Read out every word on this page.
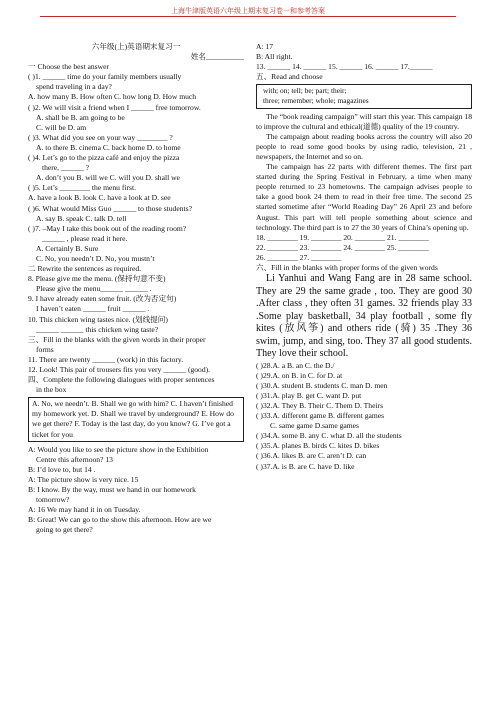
上海牛津版英语六年级上期末复习卷一和参考答案
六年级(上)英语期末复习一
姓名__________
一 Choose the best answer
( )1. ______ time do your family members usually
spend traveling in a day?
A. how many B. How often C. how long D. How much
( )2. We will visit a friend when I ______ free tomorrow.
A. shall be B. am going to be
C. will be D. am
( )3. What did you see on your way ________ ?
A. to there B. cinema C. back home D. to home
( )4. Let’s go to the pizza café and enjoy the pizza
there, ______ ?
A. don’t you B. will we C. will you D. shall we
( )5. Let’s ________ the menu first.
A. have a look B. look C. have a look at D. see
( )6. What would Miss Guo ______ to those students?
A. say B. speak C. talk D. tell
( )7. –May I take this book out of the reading room?
______ , please read it here.
A. Certainly B. Sure
C. No, you needn’t D. No, you mustn’t
二 Rewrite the sentences as required.
8. Please give me the menu. (保持句意不变)
Please give the menu______ ______ .
9. I have already eaten some fruit. (改为否定句)
I haven’t eaten ______ fruit ______ .
10. This chicken wing tastes nice. (划线提问)
______ ______ this chicken wing taste?
三、Fill in the blanks with the given words in their proper
forms
11. There are twenty ______ (work) in this factory.
12. Look! This pair of trousers fits you very ______ (good).
四、Complete the following dialogues with proper sentences
in the box
A. No, we needn’t. B. Shall we go with him? C. I haven’t finished my homework yet. D. Shall we travel by underground? E. How do we get there? F. Today is the last day, do you know? G. I’ve got a ticket for you
A: Would you like to see the picture show in the Exhibition
Centre this afternoon? 13
B: I’d love to, but 14 .
A: The picture show is very nice. 15
B: I know. By the way, must we hand in our homework
tomorrow?
A: 16 We may hand it in on Tuesday.
B: Great! We can go to the show this afternoon. How are we
going to get there?
A: 17
B: All right.
13. ______ 14. ______ 15. ______ 16. ______ 17.______
五、Read and choose
with; on; tell; be; part; their;
three; remember; whole; magazines
The “book reading campaign” will start this year. This campaign 18 to improve the cultural and ethical(道德) quality of the 19 country.
The campaign about reading books across the country will also 20 people to read some good books by using radio, television, 21 , newspapers, the Internet and so on.
The campaign has 22 parts with different themes. The first part started during the Spring Festival in February, a time when many people returned to 23 hometowns. The campaign advises people to take a good book 24 them to read in their free time. The second 25 started sometime after “World Reading Day” 26 April 23 and before August. This part will tell people something about science and technology. The third part is to 27 the 30 years of China’s opening up.
18. ________ 19. ________ 20. ________ 21. ________
22. ________ 23. ________ 24. ________ 25. ________
26. ________ 27. ________
六、Fill in the blanks with proper forms of the given words
Li Yanhui and Wang Fang are in 28 same school. They are 29 the same grade , too. They are good 30 .After class , they often 31 games. 32 friends play 33 .Some play basketball, 34 play football , some fly kites (放风筝) and others ride (骑) 35 .They 36 swim, jump, and sing, too. They 37 all good students. They love their school.
( )28.A. a B. an C. the D./
( )29.A. on B. in C. for D. at
( )30.A. student B. students C. man D. men
( )31.A. play B. get C. want D. put
( )32.A. They B. Their C. Them D. Theirs
( )33.A. different game B. different games
C. same game D.same games
( )34.A. some B. any C. what D. all the students
( )35.A. planes B. birds C. kites D. bikes
( )36.A. likes B. are C. aren’t D. can
( )37.A. is B. are C. have D. like
